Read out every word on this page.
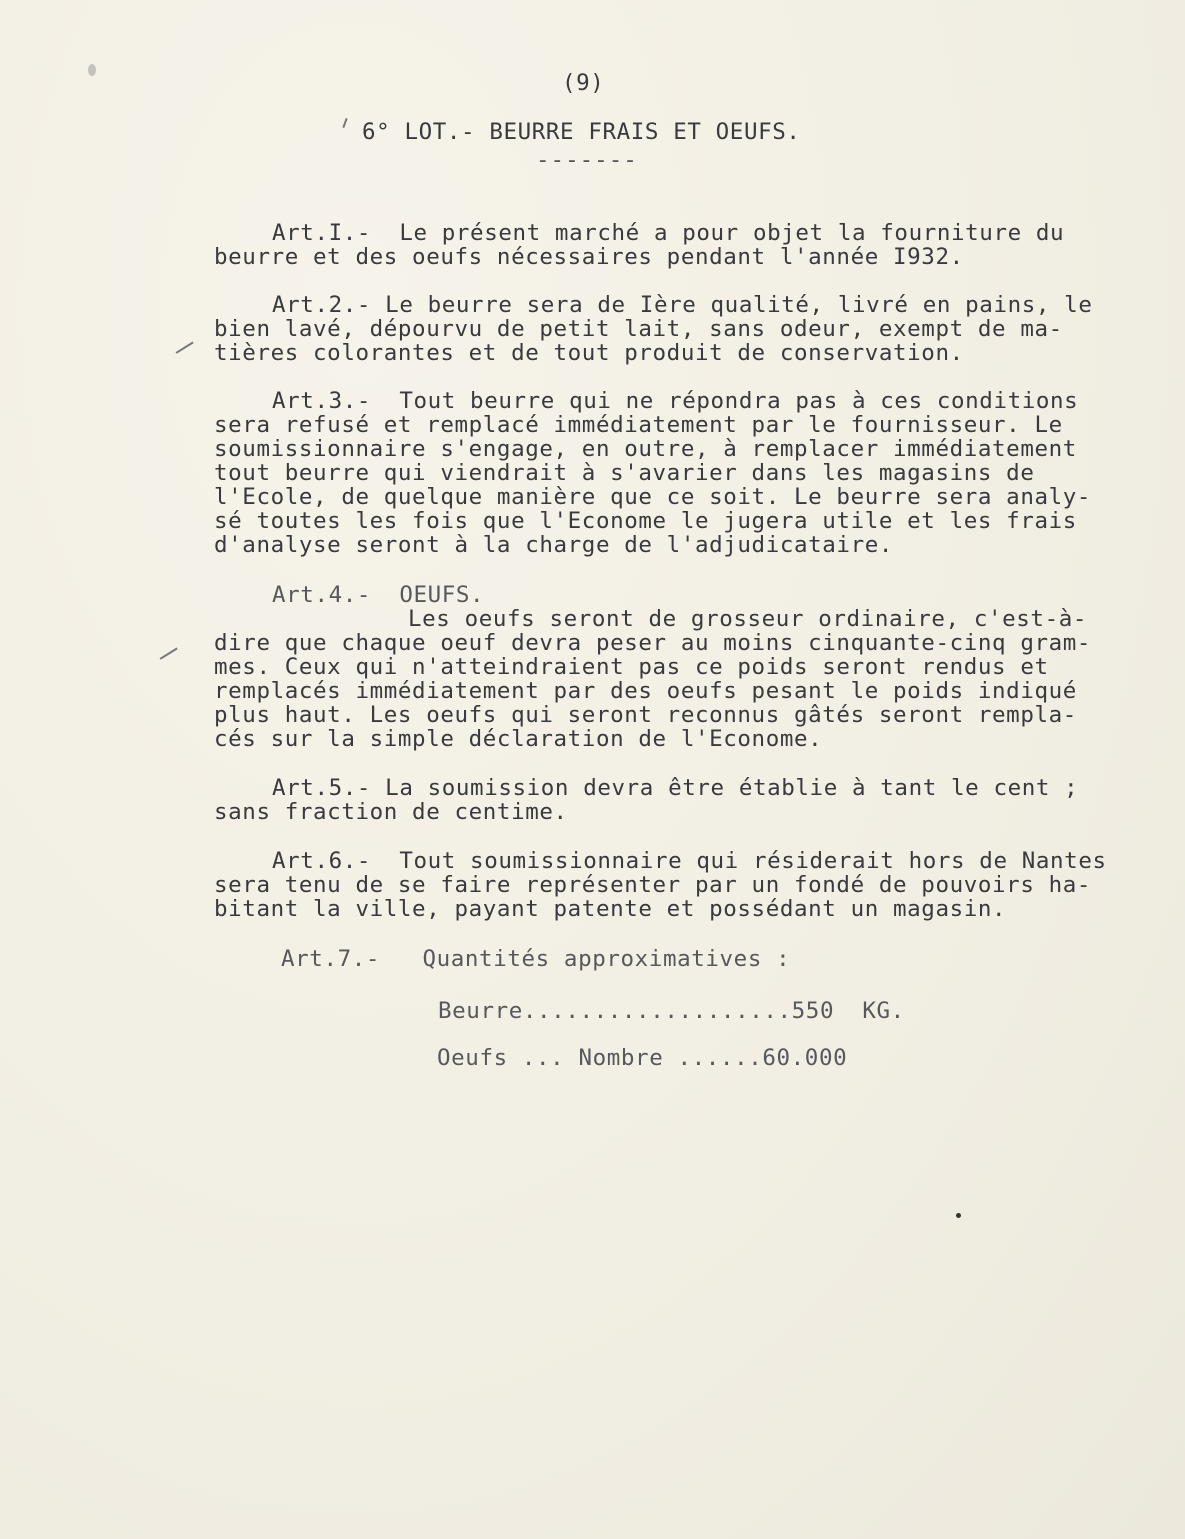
(9)
6° LOT.- BEURRE FRAIS ET OEUFS.
-------
Art.I.-  Le présent marché a pour objet la fourniture du
beurre et des oeufs nécessaires pendant l'année I932.
Art.2.- Le beurre sera de Ière qualité, livré en pains, le
bien lavé, dépourvu de petit lait, sans odeur, exempt de ma-
tières colorantes et de tout produit de conservation.
Art.3.-  Tout beurre qui ne répondra pas à ces conditions
sera refusé et remplacé immédiatement par le fournisseur. Le
soumissionnaire s'engage, en outre, à remplacer immédiatement
tout beurre qui viendrait à s'avarier dans les magasins de
l'Ecole, de quelque manière que ce soit. Le beurre sera analy-
sé toutes les fois que l'Econome le jugera utile et les frais
d'analyse seront à la charge de l'adjudicataire.
Art.4.-  OEUFS.
Les oeufs seront de grosseur ordinaire, c'est-à-
dire que chaque oeuf devra peser au moins cinquante-cinq gram-
mes. Ceux qui n'atteindraient pas ce poids seront rendus et
remplacés immédiatement par des oeufs pesant le poids indiqué
plus haut. Les oeufs qui seront reconnus gâtés seront rempla-
cés sur la simple déclaration de l'Econome.
Art.5.- La soumission devra être établie à tant le cent ;
sans fraction de centime.
Art.6.-  Tout soumissionnaire qui résiderait hors de Nantes
sera tenu de se faire représenter par un fondé de pouvoirs ha-
bitant la ville, payant patente et possédant un magasin.
Art.7.-   Quantités approximatives :
Beurre...................550  KG.
Oeufs ... Nombre ......60.000
